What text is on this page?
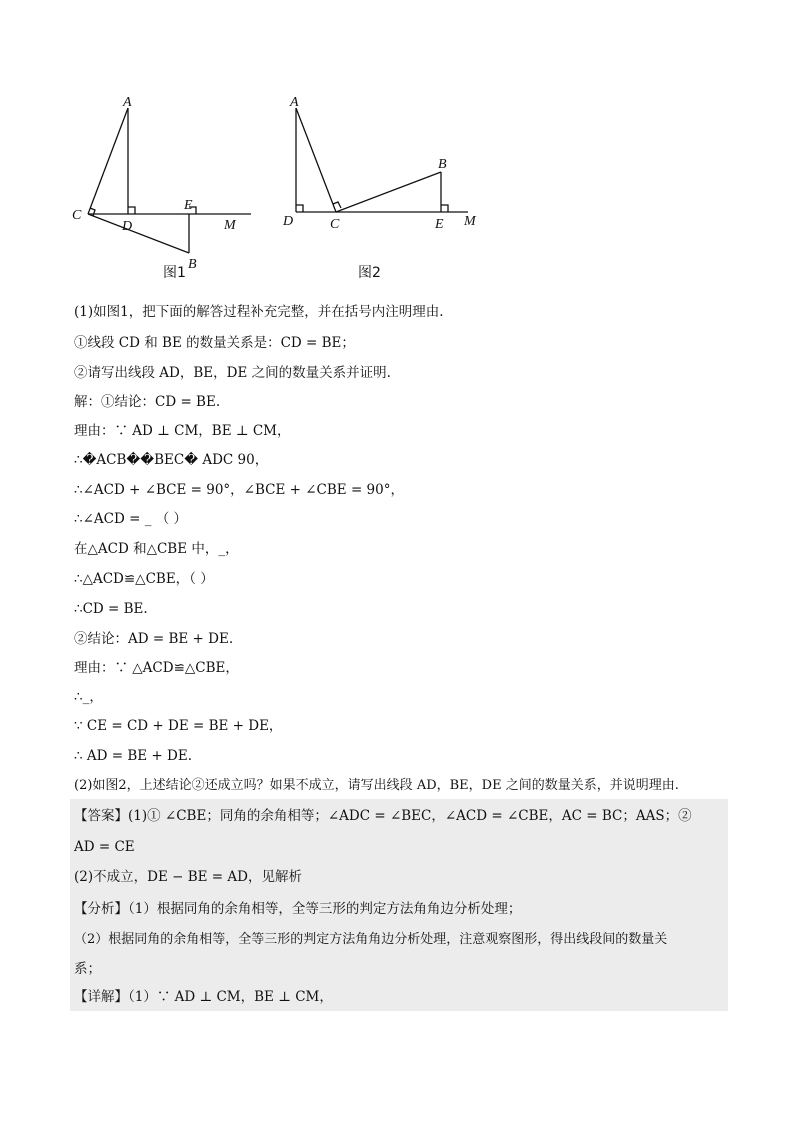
A
C
D
E
M
B
图1
A
B
D	C	E M
图2
(1)如图1，把下面的解答过程补充完整，并在括号内注明理由.
①线段 CD 和 BE 的数量关系是：CD = BE；
②请写出线段 AD，BE，DE 之间的数量关系并证明.
解：①结论：CD = BE.
理由：∵ AD ⊥ CM，BE ⊥ CM，
∴�ACB��BEC� ADC 90，
∴∠ACD + ∠BCE = 90°，∠BCE + ∠CBE = 90°，
∴∠ACD = _ （ ）
在△ACD 和△CBE 中，_，
∴△ACD≌△CBE，（ ）
∴CD = BE.
②结论：AD = BE + DE.
理由：∵ △ACD≌△CBE，
∴_，
∵ CE = CD + DE = BE + DE，
∴ AD = BE + DE.
(2)如图2，上述结论②还成立吗？如果不成立，请写出线段 AD，BE，DE 之间的数量关系，并说明理由.
【答案】(1)① ∠CBE；同角的余角相等；∠ADC = ∠BEC，∠ACD = ∠CBE，AC = BC；AAS；②
AD = CE
(2)不成立，DE − BE = AD，见解析
【分析】（1）根据同角的余角相等，全等三形的判定方法角角边分析处理；
（2）根据同角的余角相等，全等三形的判定方法角角边分析处理，注意观察图形，得出线段间的数量关
系；
【详解】（1）∵ AD ⊥ CM，BE ⊥ CM，
